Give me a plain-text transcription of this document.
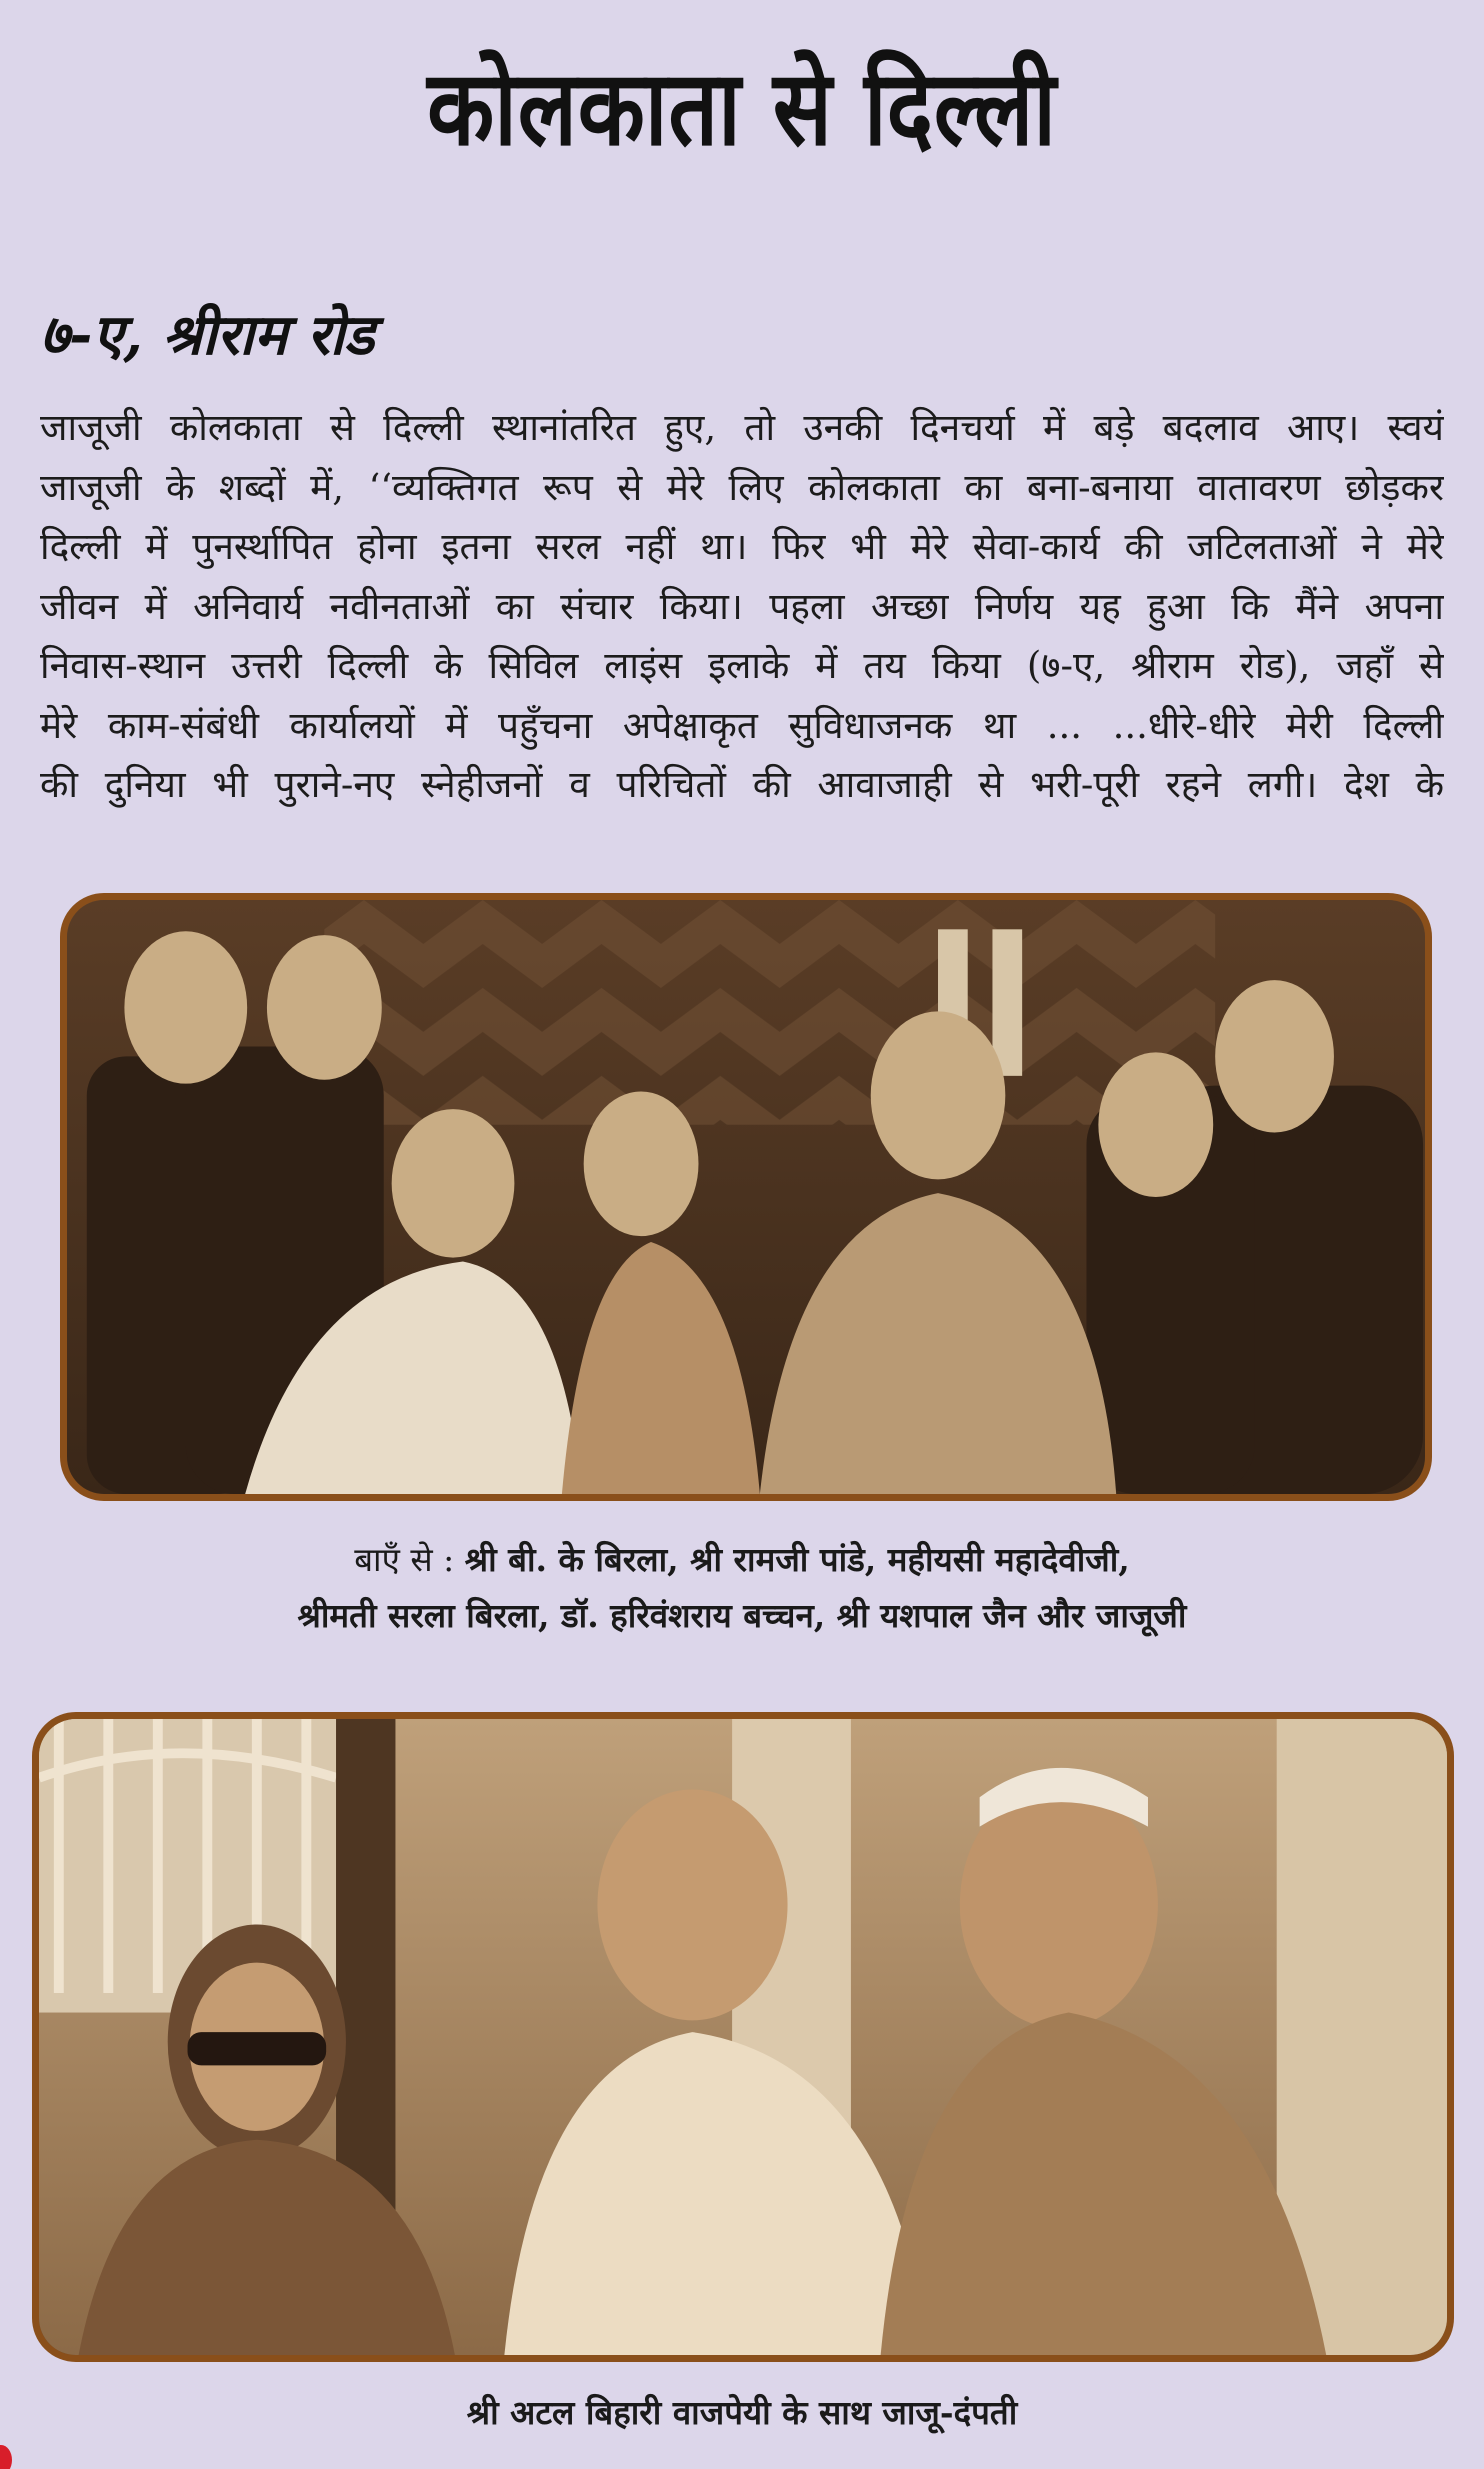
कोलकाता से दिल्ली
७-ए, श्रीराम रोड
जाजूजी कोलकाता से दिल्ली स्थानांतरित हुए, तो उनकी दिनचर्या में बड़े बदलाव आए। स्वयं
जाजूजी के शब्दों में, ‘‘व्यक्तिगत रूप से मेरे लिए कोलकाता का बना-बनाया वातावरण छोड़कर
दिल्ली में पुनर्स्थापित होना इतना सरल नहीं था। फिर भी मेरे सेवा-कार्य की जटिलताओं ने मेरे
जीवन में अनिवार्य नवीनताओं का संचार किया। पहला अच्छा निर्णय यह हुआ कि मैंने अपना
निवास-स्थान उत्तरी दिल्ली के सिविल लाइंस इलाके में तय किया (७-ए, श्रीराम रोड), जहाँ से
मेरे काम-संबंधी कार्यालयों में पहुँचना अपेक्षाकृत सुविधाजनक था ... ...धीरे-धीरे मेरी दिल्ली
की दुनिया भी पुराने-नए स्नेहीजनों व परिचितों की आवाजाही से भरी-पूरी रहने लगी। देश के

बाएँ से : श्री बी. के बिरला, श्री रामजी पांडे, महीयसी महादेवीजी,
श्रीमती सरला बिरला, डॉ. हरिवंशराय बच्चन, श्री यशपाल जैन और जाजूजी

श्री अटल बिहारी वाजपेयी के साथ जाजू-दंपती
